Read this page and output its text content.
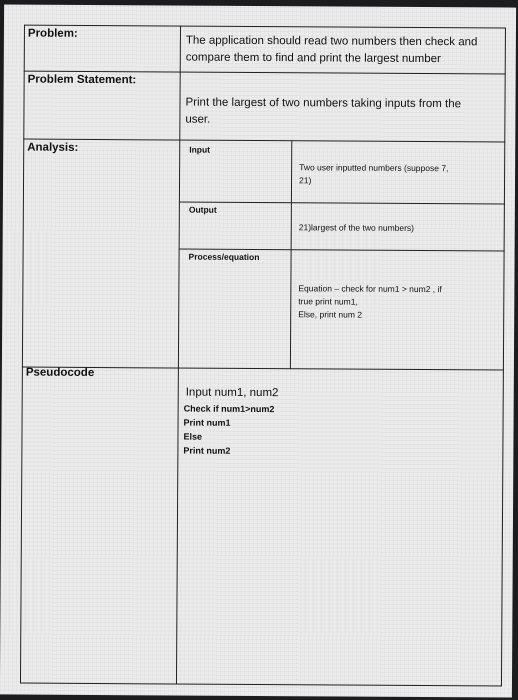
Problem:
The application should read two numbers then check and
compare them to find and print the largest number
Problem Statement:
Print the largest of two numbers taking inputs from the
user.
Analysis:	Input
Two user inputted numbers (suppose 7,
21)
Output
21)largest of the two numbers)
Process/equation
Equation – check for num1 > num2 , if
true print num1,
Else, print num 2
Pseudocode
Input num1, num2
Check if num1>num2
Print num1
Else
Print num2
